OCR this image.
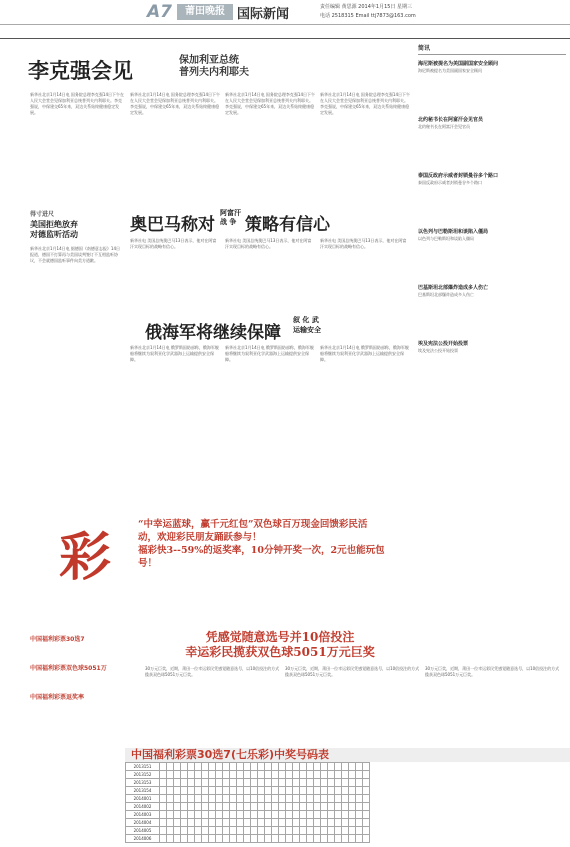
A7	莆田晚报 国际新闻	责任编辑 黄思源 2014年1月15日 星期三
电话 2518315 Email ttj7873@163.com
李克强会见	保加利亚总统
普列夫内利耶夫
新华社北京1月14日电 国务院总理李克强14日下午在人民大会堂会见保加利亚总统普列夫内利耶夫。李克强说，中保建交65年来，双边关系始终健康稳定发展。
新华社北京1月14日电 国务院总理李克强14日下午在人民大会堂会见保加利亚总统普列夫内利耶夫。李克强说，中保建交65年来，双边关系始终健康稳定发展。
新华社北京1月14日电 国务院总理李克强14日下午在人民大会堂会见保加利亚总统普列夫内利耶夫。李克强说，中保建交65年来，双边关系始终健康稳定发展。
新华社北京1月14日电 国务院总理李克强14日下午在人民大会堂会见保加利亚总统普列夫内利耶夫。李克强说，中保建交65年来，双边关系始终健康稳定发展。
得寸进尺
美国拒绝放弃
对德监听活动
新华社北京1月14日电 据德国《南德意志报》14日报道，德国不打算再与美国谈判签订不互相监听协议，不会就德国监听事件向美方道歉。
奥巴马称对
阿富汗
战 争 策略有信心
新华社电 美国总统奥巴马13日表示，他对在阿富汗实现目标的战略有信心。
新华社电 美国总统奥巴马13日表示，他对在阿富汗实现目标的战略有信心。
新华社电 美国总统奥巴马13日表示，他对在阿富汗实现目标的战略有信心。
俄海军将继续保障
叙 化 武
运输安全
新华社北京1月14日电 俄罗斯国防部称，俄海军舰船将继续为叙利亚化学武器海上运输提供安全保障。
新华社北京1月14日电 俄罗斯国防部称，俄海军舰船将继续为叙利亚化学武器海上运输提供安全保障。
新华社北京1月14日电 俄罗斯国防部称，俄海军舰船将继续为叙利亚化学武器海上运输提供安全保障。
简讯
海尼斯被提名为美国副国家安全顾问
海尼斯被提名为美国副国家安全顾问
北约秘书长在阿富汗会见官员
北约秘书长在阿富汗会见官员
泰国反政府示威者封锁曼谷多个路口
泰国反政府示威者封锁曼谷多个路口
以色列与巴勒斯坦和谈陷入僵局
以色列与巴勒斯坦和谈陷入僵局
巴基斯坦北部爆炸造成多人伤亡
巴基斯坦北部爆炸造成多人伤亡
埃及宪法公投开始投票
埃及宪法公投开始投票
彩
“中幸运蓝球，赢千元红包”双色球百万现金回馈彩民活
动，欢迎彩民朋友踊跃参与！
福彩快3--59%的返奖率，10分钟开奖一次，2元也能玩包
号！
中国福利彩票30选7
中国福利彩票双色球5051万
中国福利彩票返奖率
凭感觉随意选号并10倍投注
幸运彩民揽获双色球5051万元巨奖
30万元巨奖，近期，莆田一位幸运彩民凭感觉随意选号，以10倍投注的方式揽获双色球5051万元巨奖。
30万元巨奖，近期，莆田一位幸运彩民凭感觉随意选号，以10倍投注的方式揽获双色球5051万元巨奖。
30万元巨奖，近期，莆田一位幸运彩民凭感觉随意选号，以10倍投注的方式揽获双色球5051万元巨奖。
中国福利彩票30选7(七乐彩)中奖号码表
2013151																														
2013152																														
2013153																														
2013154																														
2014001																														
2014002																														
2014003																														
2014004																														
2014005																														
2014006																														
